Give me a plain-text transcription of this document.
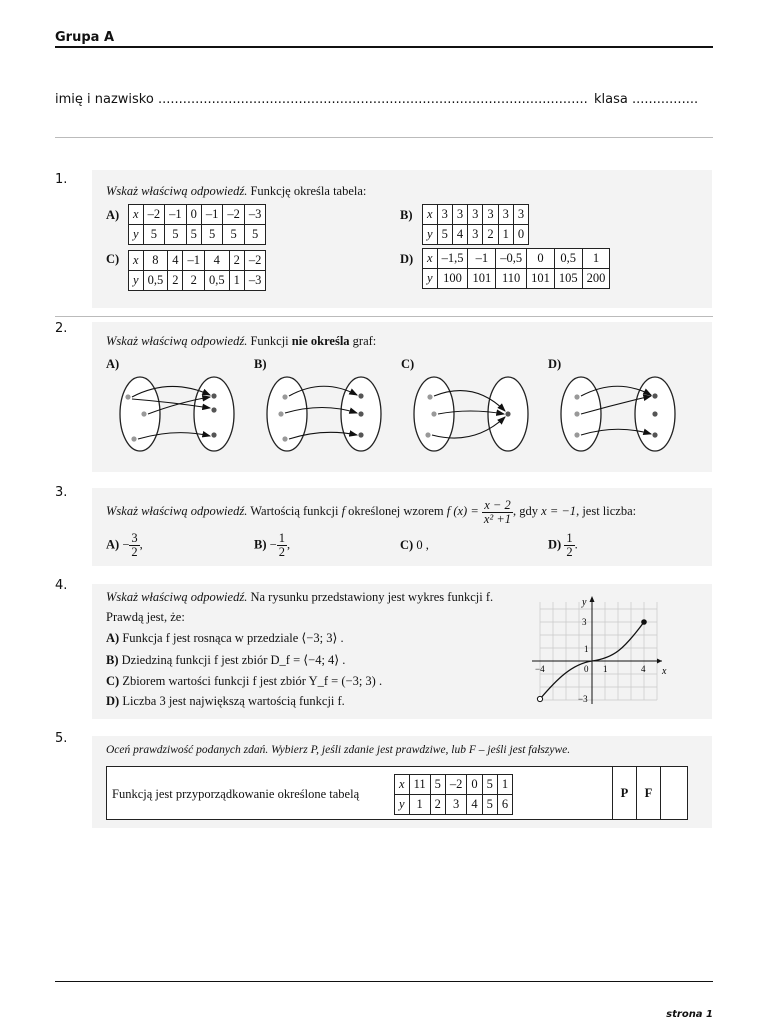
Grupa A
imię i nazwisko ........................................................................................................ klasa ................
1.
Wskaż właściwą odpowiedź. Funkcję określa tabela:
A) x	–2	–1	0	–1	–2	–3
y	5	5	5	5	5	5
B) x	3	3	3	3	3	3
y	5	4	3	2	1	0
C) x	8	4	–1	4	2	–2
y	0,5	2	2	0,5	1	–3
D) x	–1,5	–1	–0,5	0	0,5	1
y	100	101	110	101	105	200
2.
Wskaż właściwą odpowiedź. Funkcji nie określa graf:
A)	B)	C)	D)
3.
Wskaż właściwą odpowiedź. Wartością funkcji f określonej wzorem f $(x) = \frac{x - 2}{\text{x² +1}}$ , gdy x = −1, jest liczba:
$A) - \frac{3}{2}$ ,	$B) - \frac{1}{2}$ ,	C) 0 ,	$D) \frac{1}{2}$ .
4.
Wskaż właściwą odpowiedź. Na rysunku przedstawiony jest wykres funkcji f.
Prawdą jest, że:
A) Funkcja f jest rosnąca w przedziale ⟨−3; 3⟩ .
B) Dziedziną funkcji f jest zbiór D_f = ⟨−4; 4⟩ .
C) Zbiorem wartości funkcji f jest zbiór Y_f = (−3; 3) .
D) Liczba 3 jest największą wartością funkcji f.
y
3
1
−3
−4	0 1	4 x
5.
Oceń prawdziwość podanych zdań. Wybierz P, jeśli zdanie jest prawdziwe, lub F – jeśli jest fałszywe.
Funkcją jest przyporządkowanie określone tabelą
x	11	5	–2	0	5	1
y	1	2	3	4	5	6
P	F
strona 1
